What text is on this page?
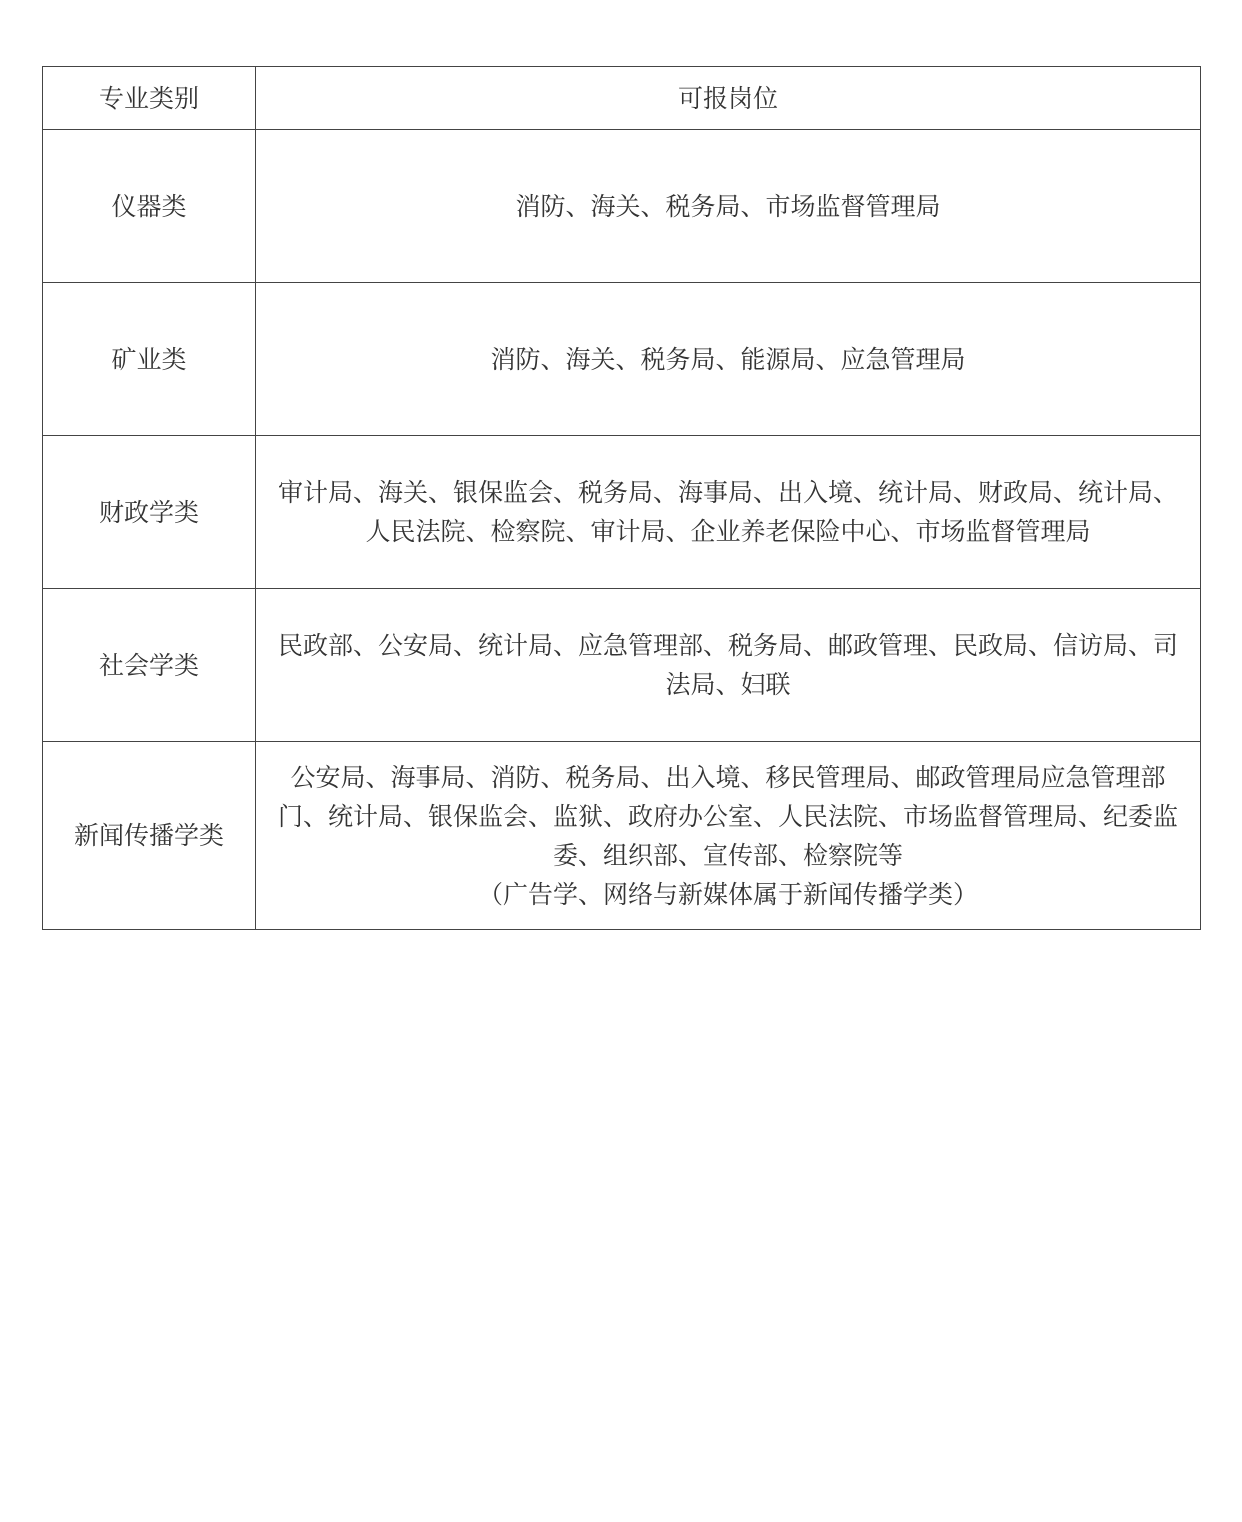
专业类别	可报岗位
仪器类	消防、海关、税务局、市场监督管理局

矿业类	消防、海关、税务局、能源局、应急管理局

财政学类	审计局、海关、银保监会、税务局、海事局、出入境、统计局、财政局、统计局、人民法院、检察院、审计局、企业养老保险中心、市场监督管理局

社会学类	民政部、公安局、统计局、应急管理部、税务局、邮政管理、民政局、信访局、司法局、妇联

新闻传播学类	公安局、海事局、消防、税务局、出入境、移民管理局、邮政管理局应急管理部门、统计局、银保监会、监狱、政府办公室、人民法院、市场监督管理局、纪委监委、组织部、宣传部、检察院等
（广告学、网络与新媒体属于新闻传播学类）
